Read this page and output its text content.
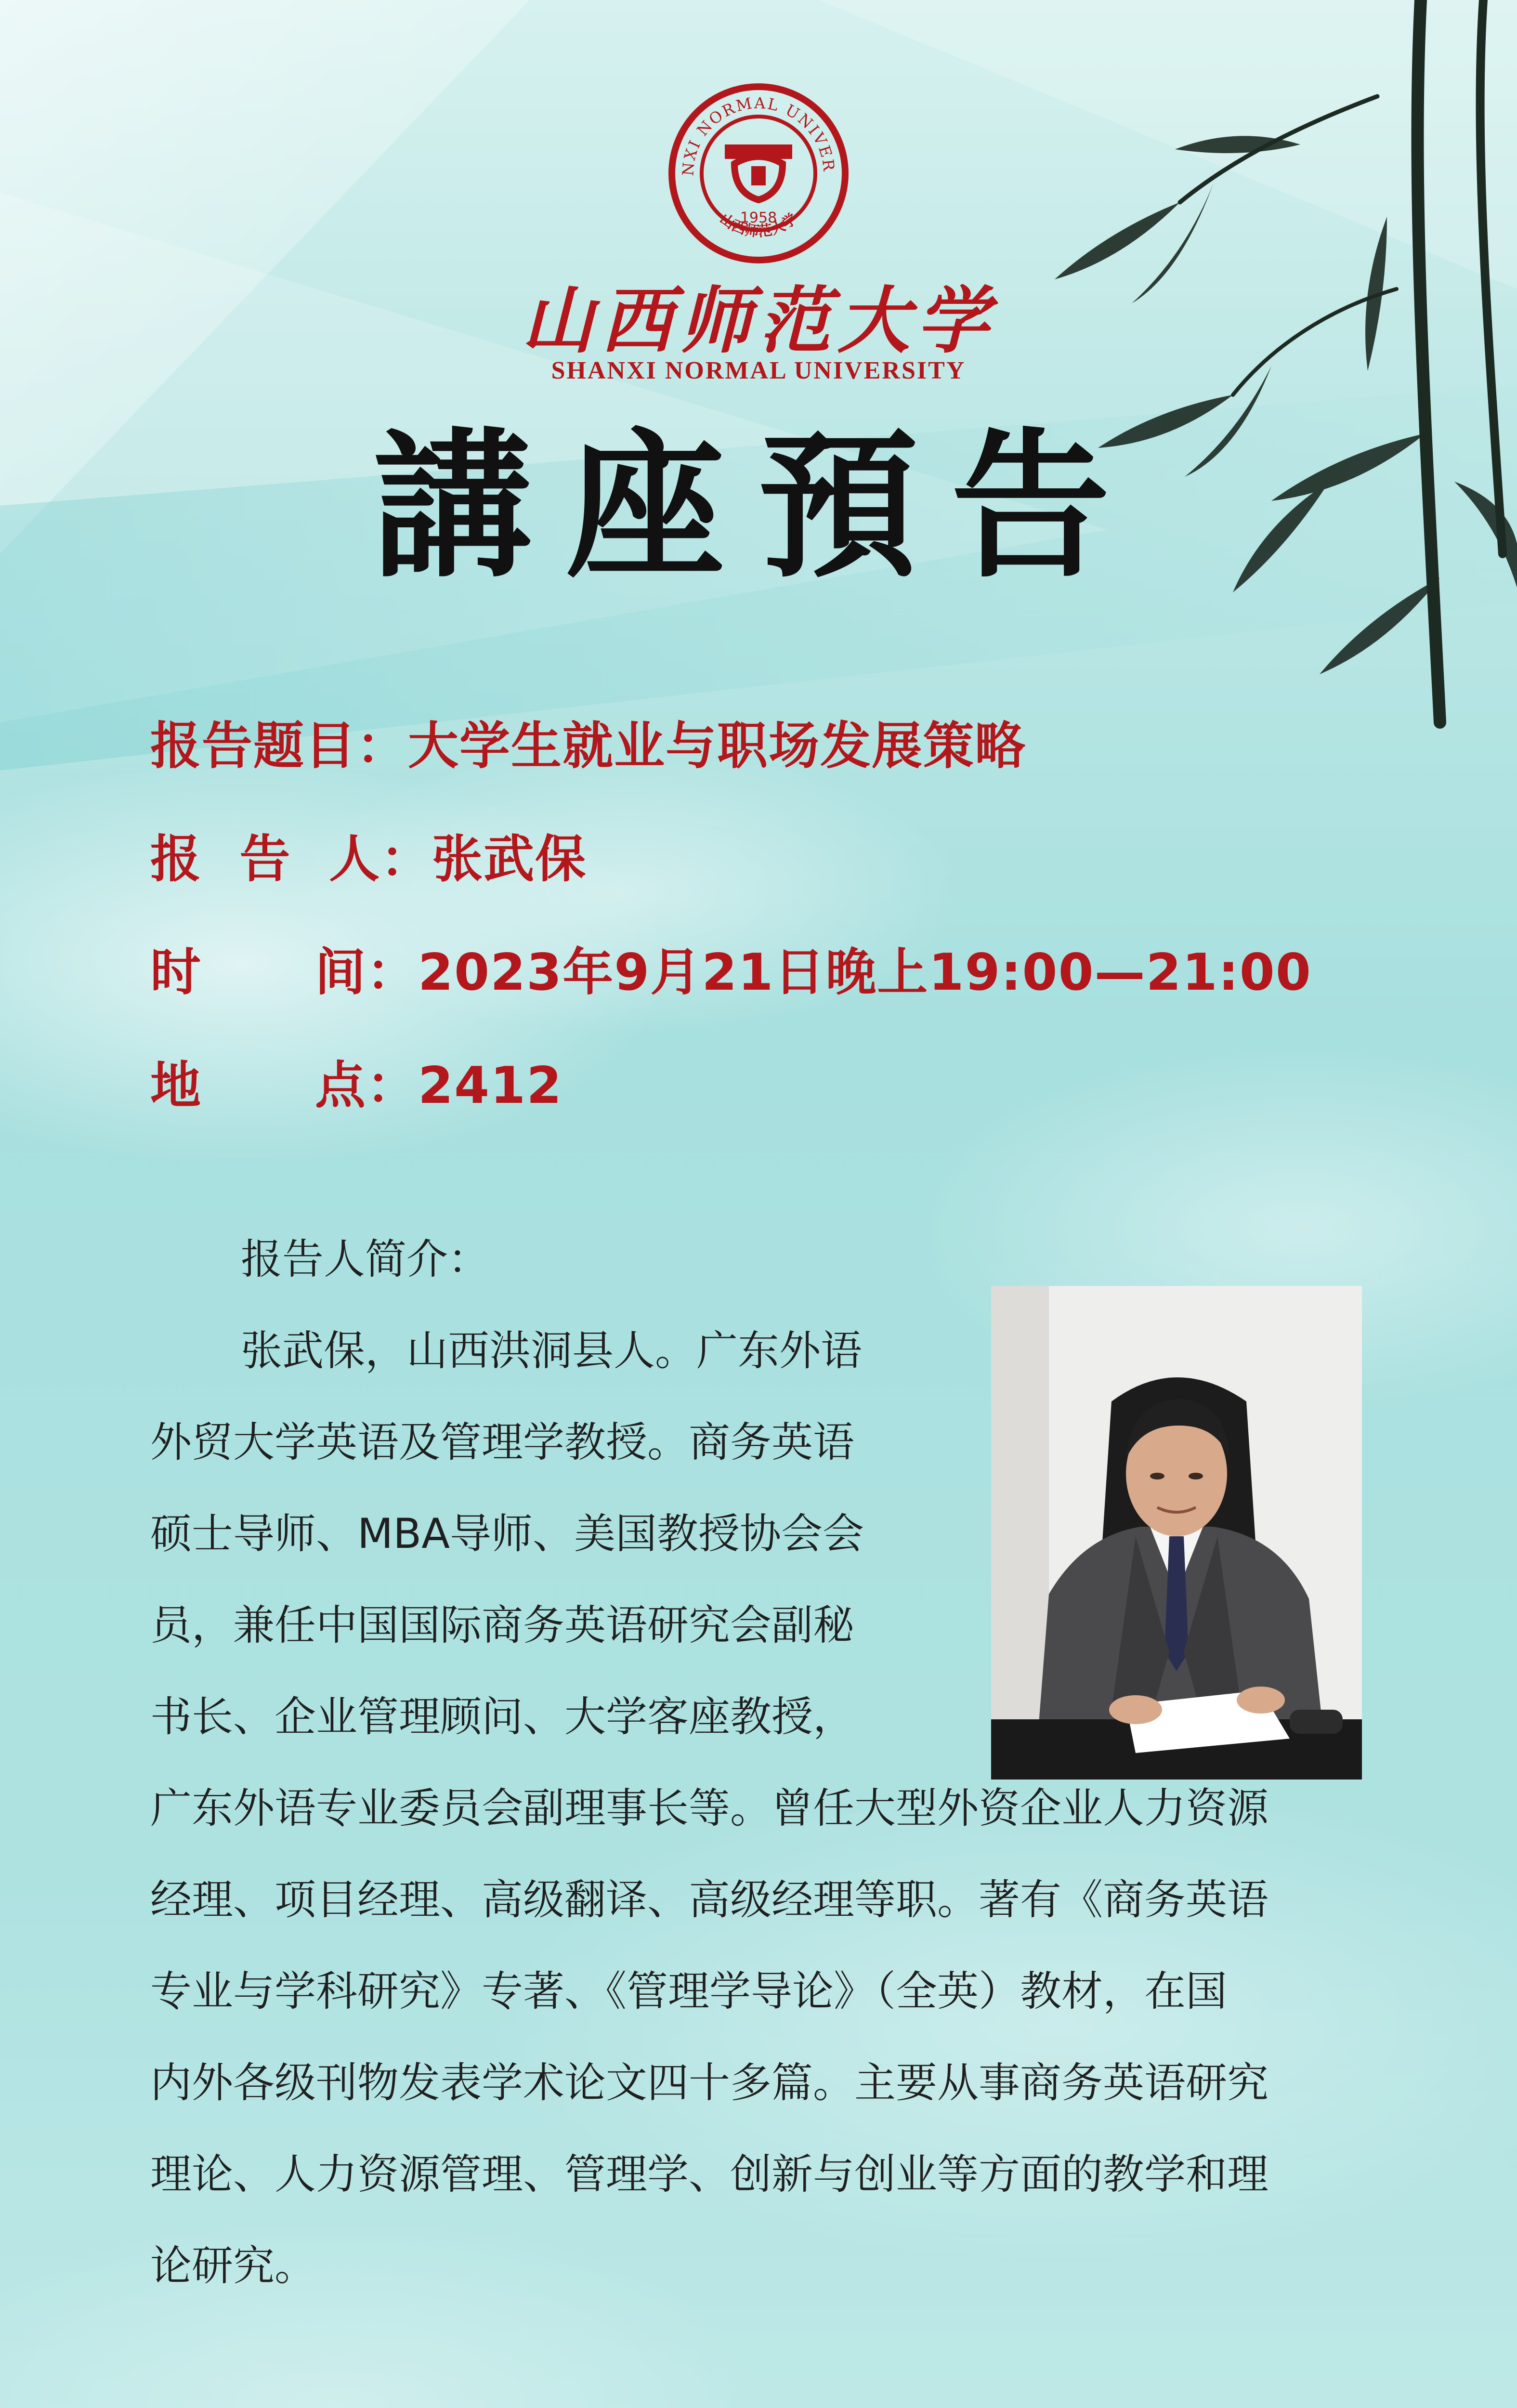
NXI NORMAL UNIVER
山西师范大学
1958
山西师范大学
SHANXI NORMAL UNIVERSITY
講座預告
报告题目：大学生就业与职场发展策略
报 告 人：张武保
时 间：2023年9月21日晚上19:00—21:00
地 点：2412
报告人简介：
张武保，山西洪洞县人。广东外语
外贸大学英语及管理学教授。商务英语
硕士导师、MBA导师、美国教授协会会
员，兼任中国国际商务英语研究会副秘
书长、企业管理顾问、大学客座教授，
广东外语专业委员会副理事长等。曾任大型外资企业人力资源
经理、项目经理、高级翻译、高级经理等职。著有《商务英语
专业与学科研究》专著、《管理学导论》（全英）教材，在国
内外各级刊物发表学术论文四十多篇。主要从事商务英语研究
理论、人力资源管理、管理学、创新与创业等方面的教学和理
论研究。
